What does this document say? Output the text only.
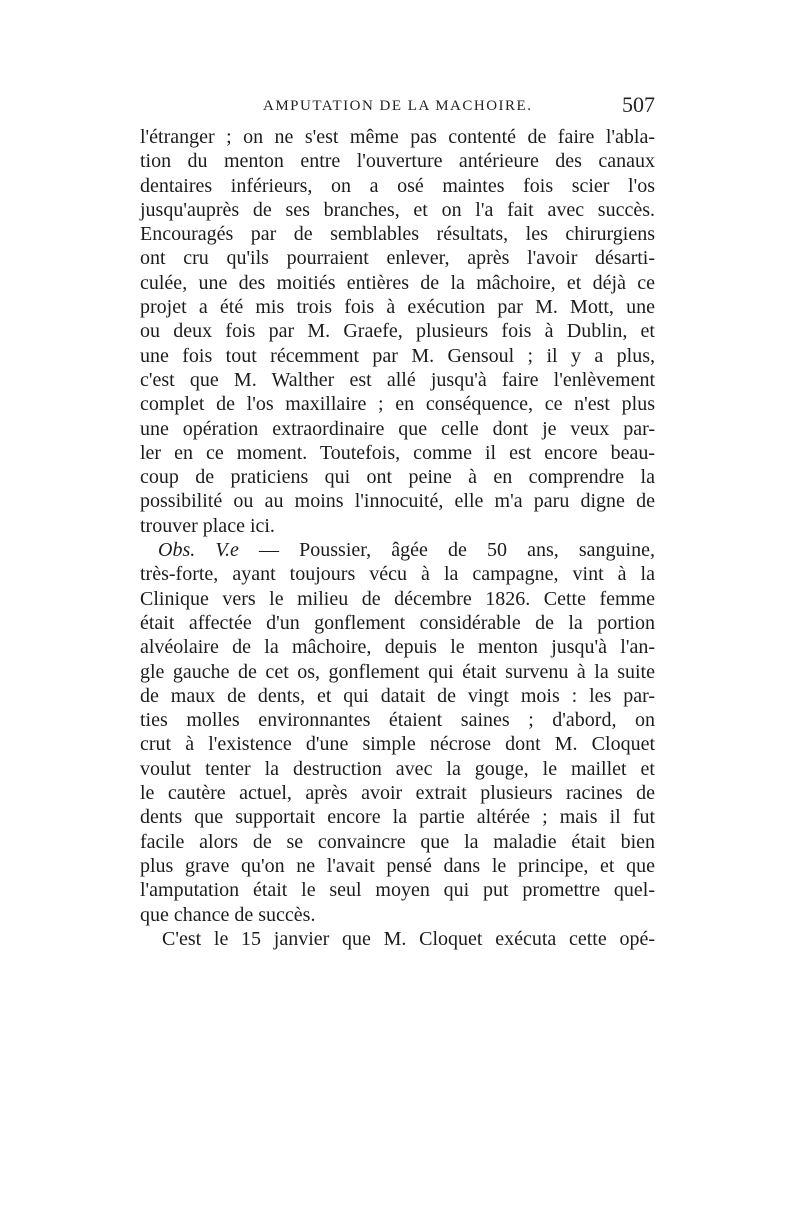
AMPUTATION DE LA MACHOIRE.	507
l'étranger ; on ne s'est même pas contenté de faire l'abla-
tion du menton entre l'ouverture antérieure des canaux
dentaires inférieurs, on a osé maintes fois scier l'os
jusqu'auprès de ses branches, et on l'a fait avec succès.
Encouragés par de semblables résultats, les chirurgiens
ont cru qu'ils pourraient enlever, après l'avoir désarti-
culée, une des moitiés entières de la mâchoire, et déjà ce
projet a été mis trois fois à exécution par M. Mott, une
ou deux fois par M. Graefe, plusieurs fois à Dublin, et
une fois tout récemment par M. Gensoul ; il y a plus,
c'est que M. Walther est allé jusqu'à faire l'enlèvement
complet de l'os maxillaire ; en conséquence, ce n'est plus
une opération extraordinaire que celle dont je veux par-
ler en ce moment. Toutefois, comme il est encore beau-
coup de praticiens qui ont peine à en comprendre la
possibilité ou au moins l'innocuité, elle m'a paru digne de
trouver place ici.
Obs. V.e — Poussier, âgée de 50 ans, sanguine,
très-forte, ayant toujours vécu à la campagne, vint à la
Clinique vers le milieu de décembre 1826. Cette femme
était affectée d'un gonflement considérable de la portion
alvéolaire de la mâchoire, depuis le menton jusqu'à l'an-
gle gauche de cet os, gonflement qui était survenu à la suite
de maux de dents, et qui datait de vingt mois : les par-
ties molles environnantes étaient saines ; d'abord, on
crut à l'existence d'une simple nécrose dont M. Cloquet
voulut tenter la destruction avec la gouge, le maillet et
le cautère actuel, après avoir extrait plusieurs racines de
dents que supportait encore la partie altérée ; mais il fut
facile alors de se convaincre que la maladie était bien
plus grave qu'on ne l'avait pensé dans le principe, et que
l'amputation était le seul moyen qui put promettre quel-
que chance de succès.
C'est le 15 janvier que M. Cloquet exécuta cette opé-
